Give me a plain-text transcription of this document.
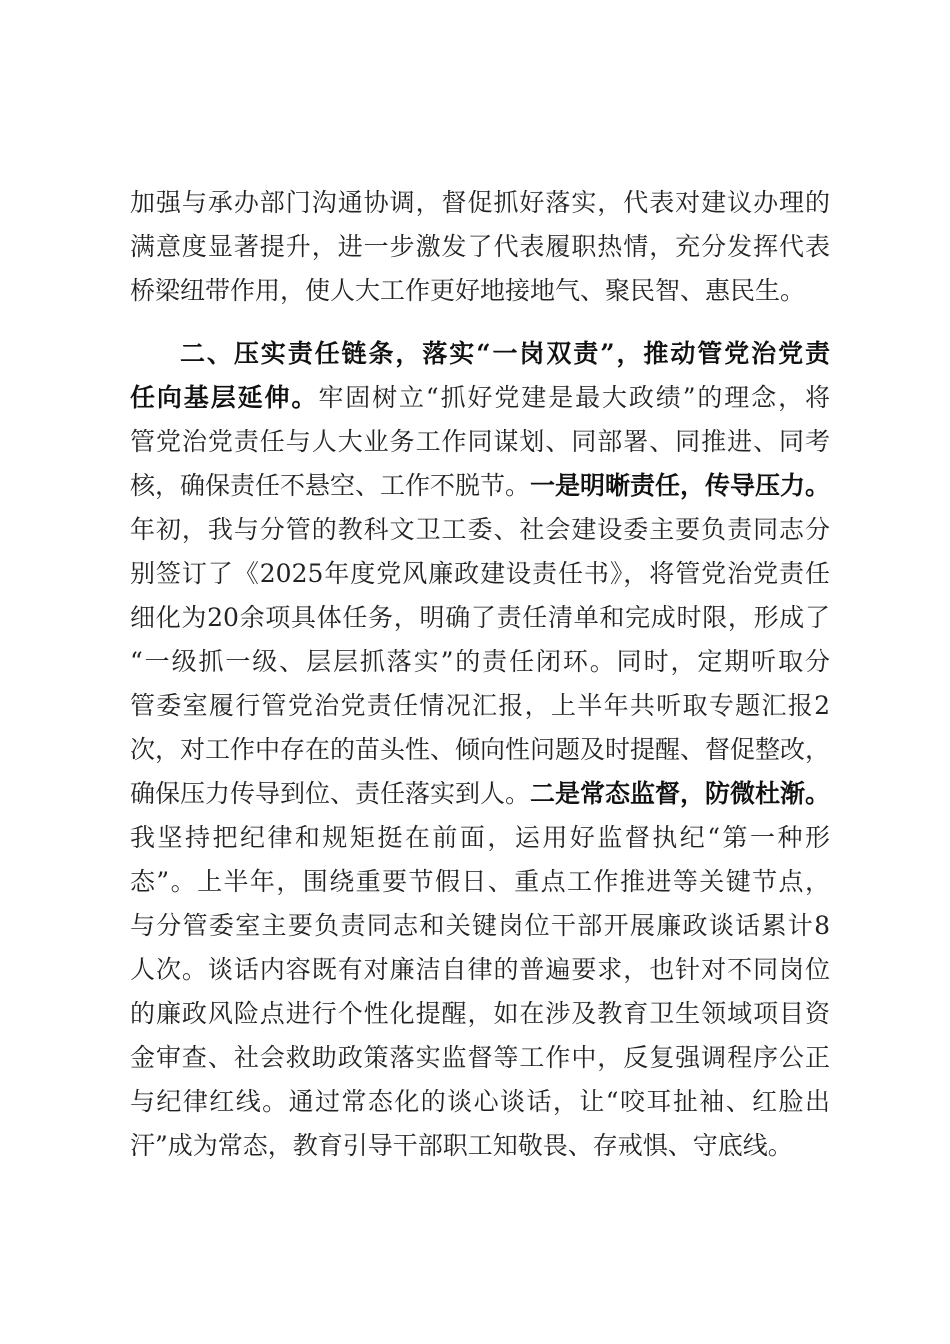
加强与承办部门沟通协调，督促抓好落实，代表对建议办理的
满意度显著提升，进一步激发了代表履职热情，充分发挥代表
桥梁纽带作用，使人大工作更好地接地气、聚民智、惠民生。
二、压实责任链条，落实“一岗双责”，推动管党治党责
任向基层延伸。牢固树立“抓好党建是最大政绩”的理念，将
管党治党责任与人大业务工作同谋划、同部署、同推进、同考
核，确保责任不悬空、工作不脱节。一是明晰责任，传导压力。
年初，我与分管的教科文卫工委、社会建设委主要负责同志分
别签订了《2025年度党风廉政建设责任书》，将管党治党责任
细化为20余项具体任务，明确了责任清单和完成时限，形成了
“一级抓一级、层层抓落实”的责任闭环。同时，定期听取分
管委室履行管党治党责任情况汇报，上半年共听取专题汇报2
次，对工作中存在的苗头性、倾向性问题及时提醒、督促整改，
确保压力传导到位、责任落实到人。二是常态监督，防微杜渐。
我坚持把纪律和规矩挺在前面，运用好监督执纪“第一种形
态”。上半年，围绕重要节假日、重点工作推进等关键节点，
与分管委室主要负责同志和关键岗位干部开展廉政谈话累计8
人次。谈话内容既有对廉洁自律的普遍要求，也针对不同岗位
的廉政风险点进行个性化提醒，如在涉及教育卫生领域项目资
金审查、社会救助政策落实监督等工作中，反复强调程序公正
与纪律红线。通过常态化的谈心谈话，让“咬耳扯袖、红脸出
汗”成为常态，教育引导干部职工知敬畏、存戒惧、守底线。
